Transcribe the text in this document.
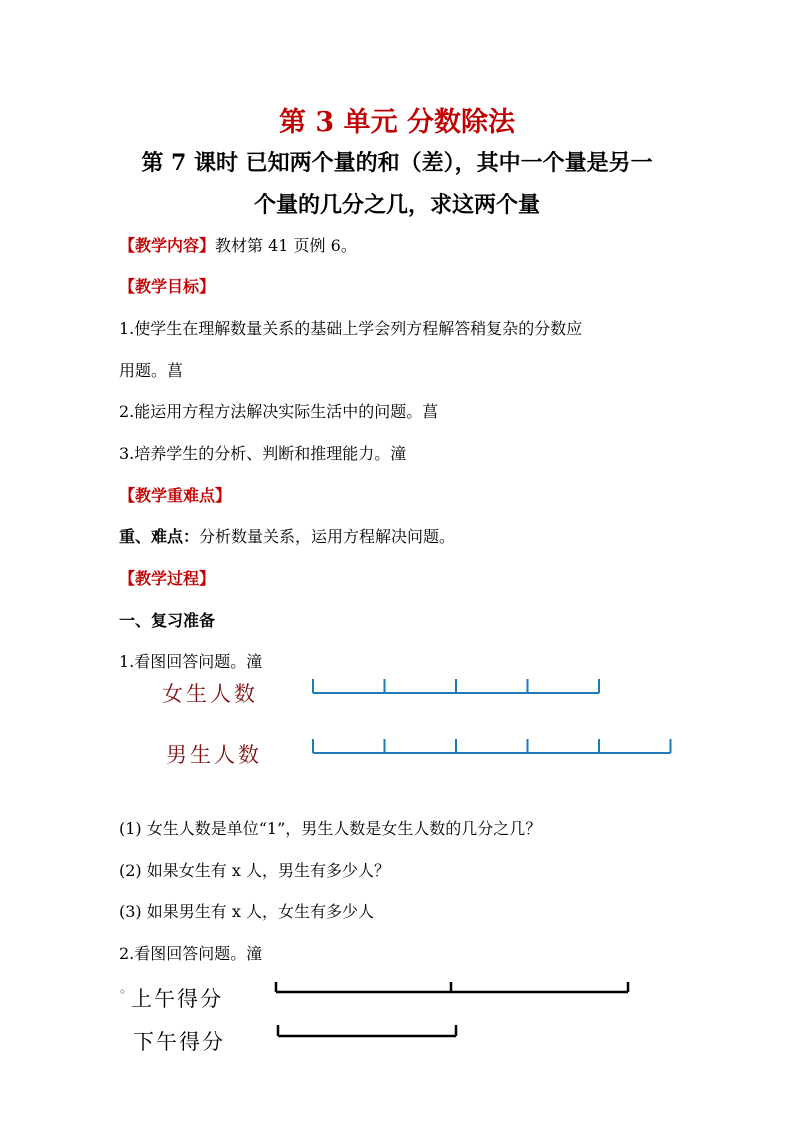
第 3 单元 分数除法
第 7 课时 已知两个量的和（差），其中一个量是另一
个量的几分之几，求这两个量
【教学内容】教材第 41 页例 6。
【教学目标】
1.使学生在理解数量关系的基础上学会列方程解答稍复杂的分数应
用题。菖
2.能运用方程方法解决实际生活中的问题。菖
3.培养学生的分析、判断和推理能力。潼
【教学重难点】
重、难点：分析数量关系，运用方程解决问题。
【教学过程】
一、复习准备
1.看图回答问题。潼
女生人数
男生人数
(1) 女生人数是单位“1”，男生人数是女生人数的几分之几？
(2) 如果女生有 x 人，男生有多少人？
(3) 如果男生有 x 人，女生有多少人
2.看图回答问题。潼
◦ 上午得分
下午得分
